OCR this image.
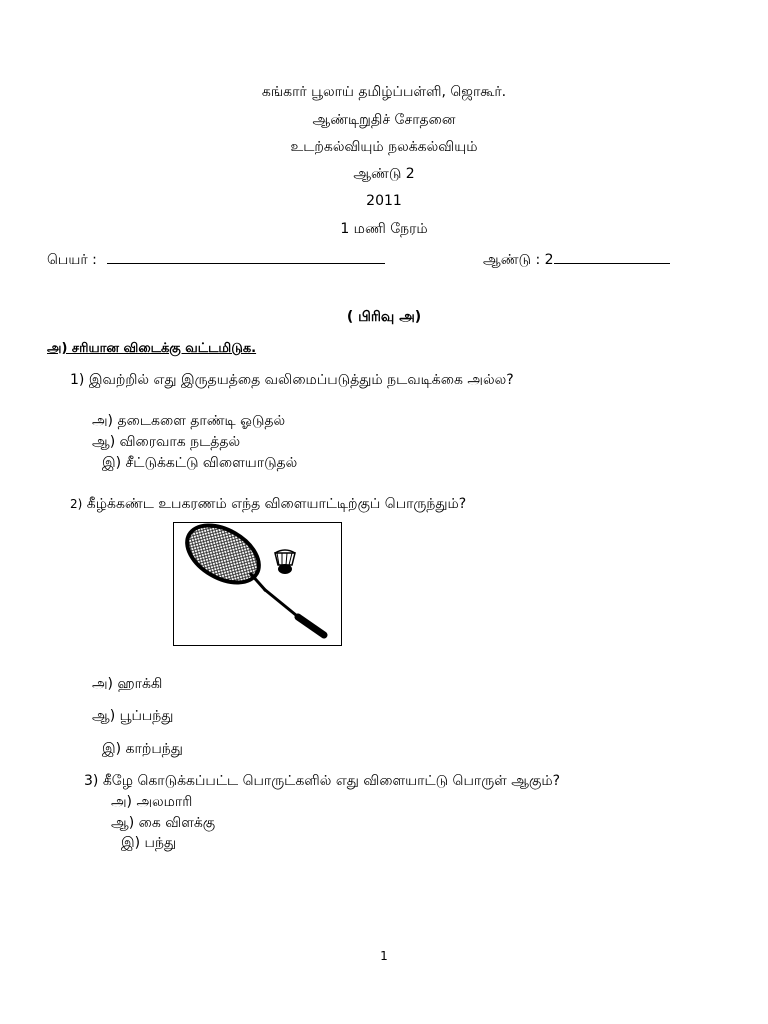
கங்கார் பூலாய் தமிழ்ப்பள்ளி, ஜொகூர்.
ஆண்டிறுதிச் சோதனை
உடற்கல்வியும் நலக்கல்வியும்
ஆண்டு 2
2011
1 மணி நேரம்
பெயர் :	ஆண்டு : 2
( பிரிவு அ)
அ) சரியான விடைக்கு வட்டமிடுக.
1) இவற்றில் எது இருதயத்தை வலிமைப்படுத்தும் நடவடிக்கை அல்ல?
அ) தடைகளை தாண்டி ஓடுதல்
ஆ) விரைவாக நடத்தல்
இ) சீட்டுக்கட்டு விளையாடுதல்
2) கீழ்க்கண்ட உபகரணம் எந்த விளையாட்டிற்குப் பொருந்தும்?
அ) ஹாக்கி
ஆ) பூப்பந்து
இ) காற்பந்து
3) கீழே கொடுக்கப்பட்ட பொருட்களில் எது விளையாட்டு பொருள் ஆகும்?
அ) அலமாரி
ஆ) கை விளக்கு
இ) பந்து
1
